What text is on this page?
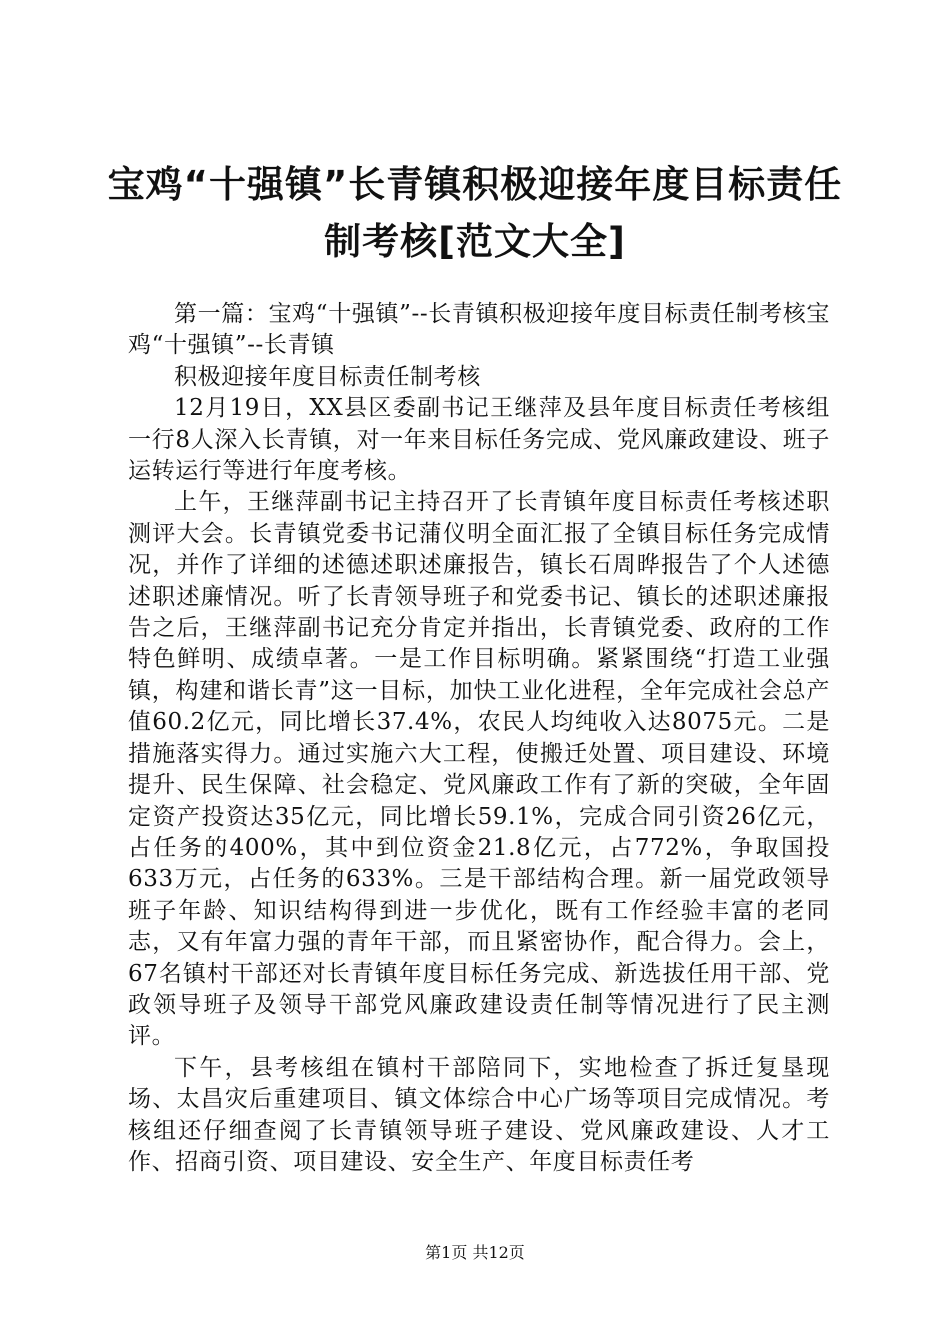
宝鸡“十强镇”长青镇积极迎接年度目标责任
制考核[范文大全]

第一篇：宝鸡“十强镇”--长青镇积极迎接年度目标责任制考核宝鸡“十强镇”--长青镇

积极迎接年度目标责任制考核

12月19日，XX县区委副书记王继萍及县年度目标责任考核组一行8人深入长青镇，对一年来目标任务完成、党风廉政建设、班子运转运行等进行年度考核。

上午，王继萍副书记主持召开了长青镇年度目标责任考核述职测评大会。长青镇党委书记蒲仪明全面汇报了全镇目标任务完成情况，并作了详细的述德述职述廉报告，镇长石周晔报告了个人述德述职述廉情况。听了长青领导班子和党委书记、镇长的述职述廉报告之后，王继萍副书记充分肯定并指出，长青镇党委、政府的工作特色鲜明、成绩卓著。一是工作目标明确。紧紧围绕“打造工业强镇，构建和谐长青”这一目标，加快工业化进程，全年完成社会总产值60.2亿元，同比增长37.4%，农民人均纯收入达8075元。二是措施落实得力。通过实施六大工程，使搬迁处置、项目建设、环境提升、民生保障、社会稳定、党风廉政工作有了新的突破，全年固定资产投资达35亿元，同比增长59.1%，完成合同引资26亿元，占任务的400%，其中到位资金21.8亿元，占772%，争取国投633万元，占任务的633%。三是干部结构合理。新一届党政领导班子年龄、知识结构得到进一步优化，既有工作经验丰富的老同志，又有年富力强的青年干部，而且紧密协作，配合得力。会上，67名镇村干部还对长青镇年度目标任务完成、新选拔任用干部、党政领导班子及领导干部党风廉政建设责任制等情况进行了民主测评。

下午，县考核组在镇村干部陪同下，实地检查了拆迁复垦现场、太昌灾后重建项目、镇文体综合中心广场等项目完成情况。考核组还仔细查阅了长青镇领导班子建设、党风廉政建设、人才工作、招商引资、项目建设、安全生产、年度目标责任考

第1页 共12页
